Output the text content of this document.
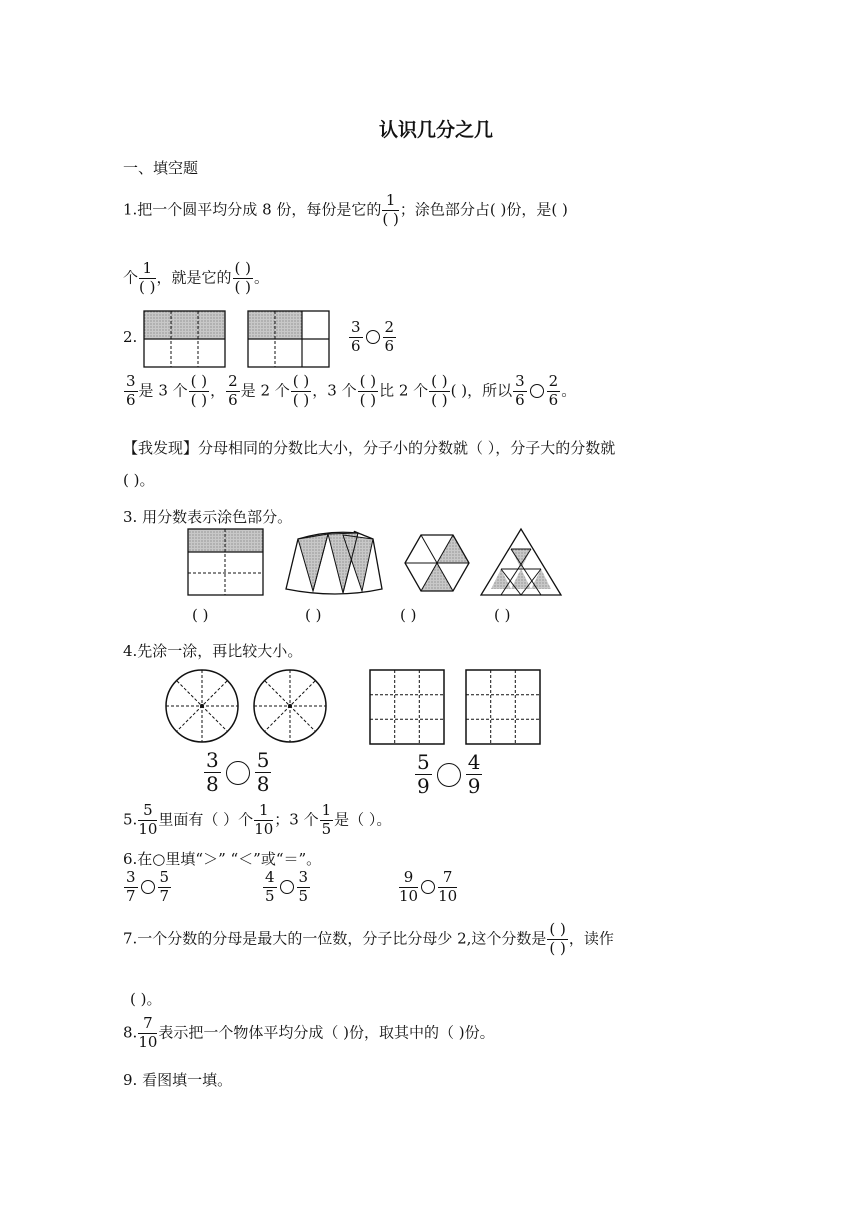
认识几分之几
一、填空题
1.把一个圆平均分成 8 份，每份是它的 $\frac{1}{( )}$ ；涂色部分占( )份，是( )
个 $\frac{1}{( )}$ ，就是它的 $\frac{( )}{( )}$ 。
2.	$\frac{3}{6} \frac{2}{6}$
$\frac{3}{6}$ 是 3 个 $\frac{( )}{( )}$ ， $\frac{2}{6}$ 是 2 个 $\frac{( )}{( )}$ ，3 个 $\frac{( )}{( )}$ 比 2 个 $\frac{( )}{( )}$ ( )，所以 $\frac{3}{6} \frac{2}{6}$ 。
【我发现】分母相同的分数比大小，分子小的分数就（ ），分子大的分数就
( )。
3. 用分数表示涂色部分。
( )	( )	( )	( )
4.先涂一涂，再比较大小。
$\frac{3}{8} \frac{5}{8}$	$\frac{5}{9} \frac{4}{9}$
5. $\frac{5}{10}$ 里面有（ ）个 $\frac{1}{10}$ ；3 个 $\frac{1}{5}$ 是（ ）。
6.在○里填“＞” “＜”或“＝”。
$\frac{3}{7} \frac{5}{7}$	$\frac{4}{5} \frac{3}{5}$	$\frac{9}{10} \frac{7}{10}$
7.一个分数的分母是最大的一位数，分子比分母少 2,这个分数是 $\frac{( )}{( )}$ ，读作
( )。
8. $\frac{7}{10}$ 表示把一个物体平均分成（ )份，取其中的（ )份。
9. 看图填一填。
